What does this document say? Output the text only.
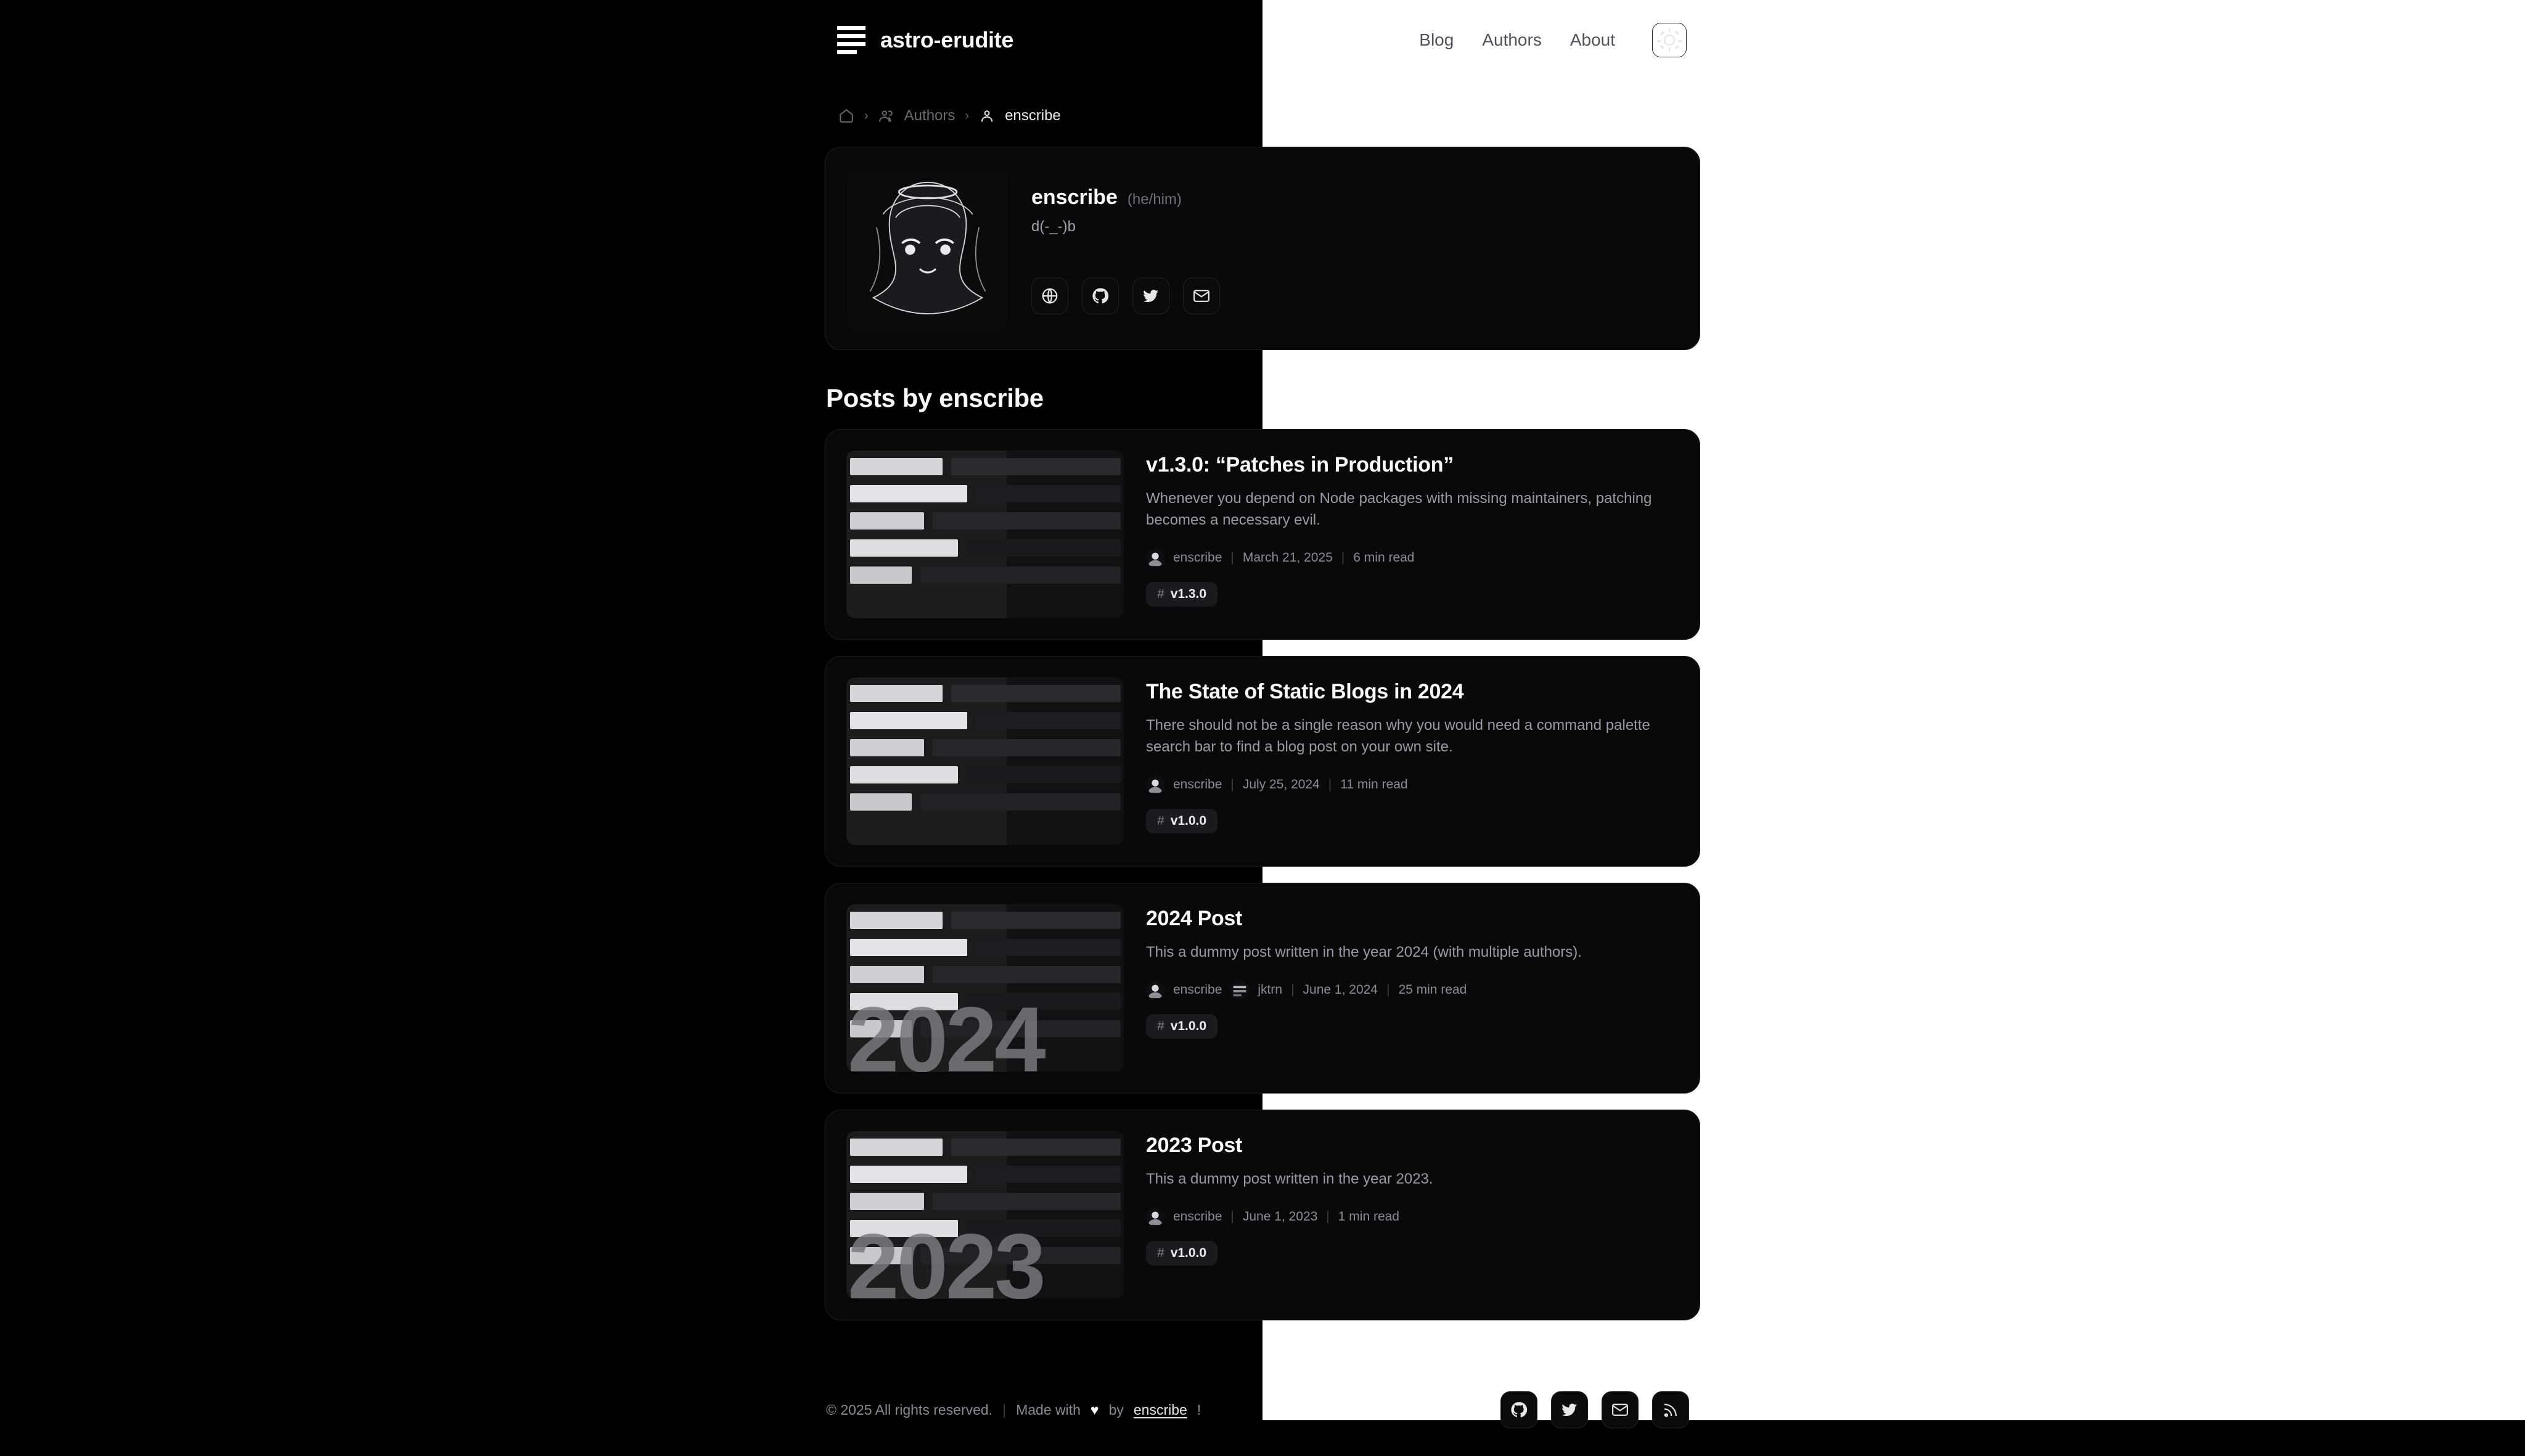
astro-erudite	Blog Authors About
› Authors › enscribe
enscribe (he/him)
d(-_-)b
Posts by enscribe
v1.3.0: “Patches in Production”

Whenever you depend on Node packages with missing maintainers, patching becomes a necessary evil.

enscribe | March 21, 2025 | 6 min read
# v1.3.0
The State of Static Blogs in 2024

There should not be a single reason why you would need a command palette search bar to find a blog post on your own site.

enscribe | July 25, 2024 | 11 min read
# v1.0.0
2024
2024 Post

This a dummy post written in the year 2024 (with multiple authors).

enscribe	jktrn | June 1, 2024 | 25 min read
# v1.0.0
2023
2023 Post

This a dummy post written in the year 2023.

enscribe | June 1, 2023 | 1 min read
# v1.0.0
© 2025 All rights reserved. | Made with ♥ by enscribe !
